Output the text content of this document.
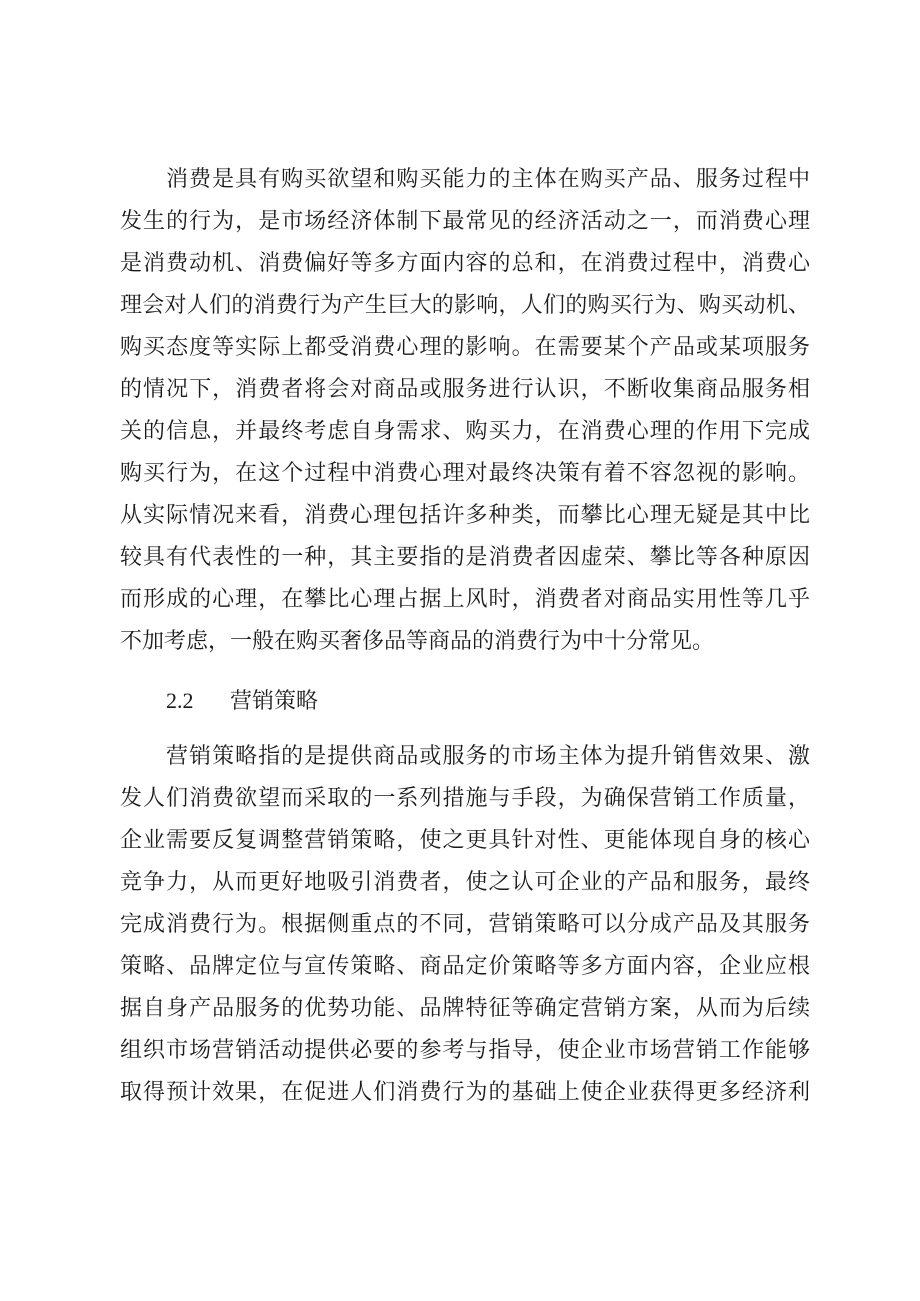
消费是具有购买欲望和购买能力的主体在购买产品、服务过程中
发生的行为，是市场经济体制下最常见的经济活动之一，而消费心理
是消费动机、消费偏好等多方面内容的总和，在消费过程中，消费心
理会对人们的消费行为产生巨大的影响，人们的购买行为、购买动机、
购买态度等实际上都受消费心理的影响。在需要某个产品或某项服务
的情况下，消费者将会对商品或服务进行认识，不断收集商品服务相
关的信息，并最终考虑自身需求、购买力，在消费心理的作用下完成
购买行为，在这个过程中消费心理对最终决策有着不容忽视的影响。
从实际情况来看，消费心理包括许多种类，而攀比心理无疑是其中比
较具有代表性的一种，其主要指的是消费者因虚荣、攀比等各种原因
而形成的心理，在攀比心理占据上风时，消费者对商品实用性等几乎
不加考虑，一般在购买奢侈品等商品的消费行为中十分常见。
2.2 营销策略
营销策略指的是提供商品或服务的市场主体为提升销售效果、激
发人们消费欲望而采取的一系列措施与手段，为确保营销工作质量，
企业需要反复调整营销策略，使之更具针对性、更能体现自身的核心
竞争力，从而更好地吸引消费者，使之认可企业的产品和服务，最终
完成消费行为。根据侧重点的不同，营销策略可以分成产品及其服务
策略、品牌定位与宣传策略、商品定价策略等多方面内容，企业应根
据自身产品服务的优势功能、品牌特征等确定营销方案，从而为后续
组织市场营销活动提供必要的参考与指导，使企业市场营销工作能够
取得预计效果，在促进人们消费行为的基础上使企业获得更多经济利
